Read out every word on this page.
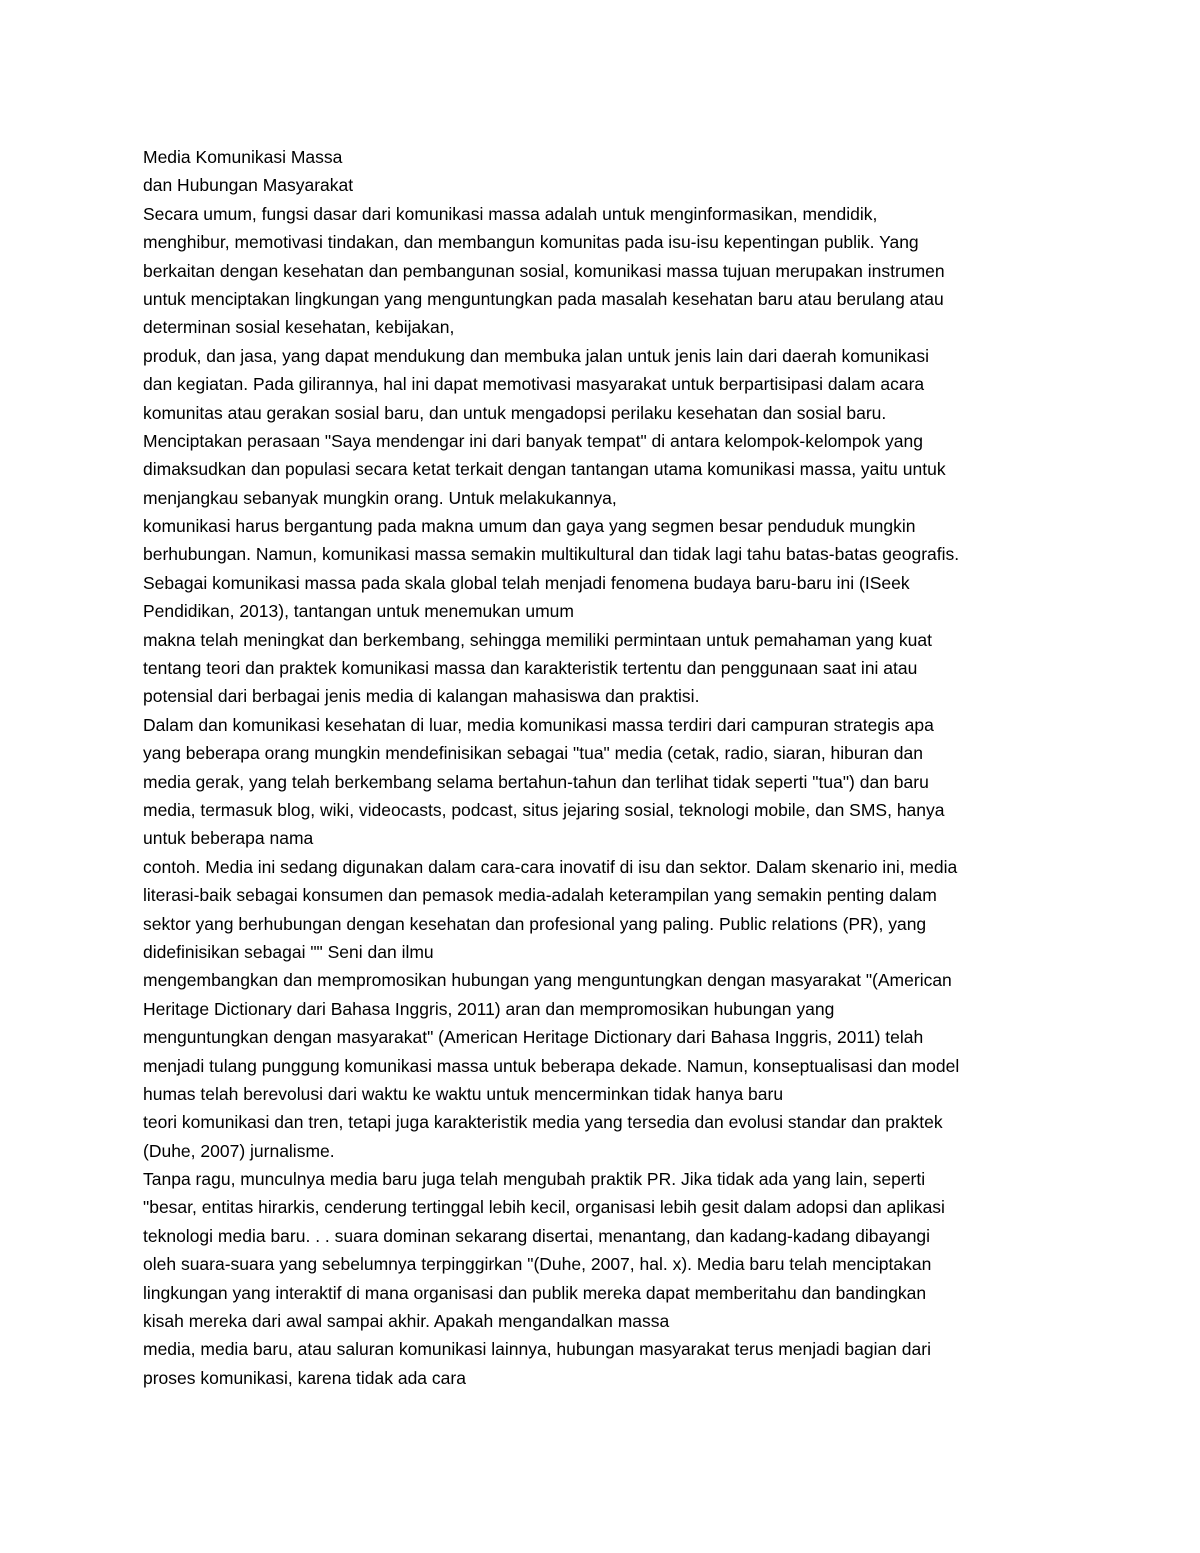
Media Komunikasi Massa
dan Hubungan Masyarakat
Secara umum, fungsi dasar dari komunikasi massa adalah untuk menginformasikan, mendidik,
menghibur, memotivasi tindakan, dan membangun komunitas pada isu-isu kepentingan publik. Yang
berkaitan dengan kesehatan dan pembangunan sosial, komunikasi massa tujuan merupakan instrumen
untuk menciptakan lingkungan yang menguntungkan pada masalah kesehatan baru atau berulang atau
determinan sosial kesehatan, kebijakan,
produk, dan jasa, yang dapat mendukung dan membuka jalan untuk jenis lain dari daerah komunikasi
dan kegiatan. Pada gilirannya, hal ini dapat memotivasi masyarakat untuk berpartisipasi dalam acara
komunitas atau gerakan sosial baru, dan untuk mengadopsi perilaku kesehatan dan sosial baru.
Menciptakan perasaan "Saya mendengar ini dari banyak tempat" di antara kelompok-kelompok yang
dimaksudkan dan populasi secara ketat terkait dengan tantangan utama komunikasi massa, yaitu untuk
menjangkau sebanyak mungkin orang. Untuk melakukannya,
komunikasi harus bergantung pada makna umum dan gaya yang segmen besar penduduk mungkin
berhubungan. Namun, komunikasi massa semakin multikultural dan tidak lagi tahu batas-batas geografis.
Sebagai komunikasi massa pada skala global telah menjadi fenomena budaya baru-baru ini (ISeek
Pendidikan, 2013), tantangan untuk menemukan umum
makna telah meningkat dan berkembang, sehingga memiliki permintaan untuk pemahaman yang kuat
tentang teori dan praktek komunikasi massa dan karakteristik tertentu dan penggunaan saat ini atau
potensial dari berbagai jenis media di kalangan mahasiswa dan praktisi.
Dalam dan komunikasi kesehatan di luar, media komunikasi massa terdiri dari campuran strategis apa
yang beberapa orang mungkin mendefinisikan sebagai "tua" media (cetak, radio, siaran, hiburan dan
media gerak, yang telah berkembang selama bertahun-tahun dan terlihat tidak seperti "tua") dan baru
media, termasuk blog, wiki, videocasts, podcast, situs jejaring sosial, teknologi mobile, dan SMS, hanya
untuk beberapa nama
contoh. Media ini sedang digunakan dalam cara-cara inovatif di isu dan sektor. Dalam skenario ini, media
literasi-baik sebagai konsumen dan pemasok media-adalah keterampilan yang semakin penting dalam
sektor yang berhubungan dengan kesehatan dan profesional yang paling. Public relations (PR), yang
didefinisikan sebagai "" Seni dan ilmu
mengembangkan dan mempromosikan hubungan yang menguntungkan dengan masyarakat "(American
Heritage Dictionary dari Bahasa Inggris, 2011) aran dan mempromosikan hubungan yang
menguntungkan dengan masyarakat" (American Heritage Dictionary dari Bahasa Inggris, 2011) telah
menjadi tulang punggung komunikasi massa untuk beberapa dekade. Namun, konseptualisasi dan model
humas telah berevolusi dari waktu ke waktu untuk mencerminkan tidak hanya baru
teori komunikasi dan tren, tetapi juga karakteristik media yang tersedia dan evolusi standar dan praktek
(Duhe, 2007) jurnalisme.
Tanpa ragu, munculnya media baru juga telah mengubah praktik PR. Jika tidak ada yang lain, seperti
"besar, entitas hirarkis, cenderung tertinggal lebih kecil, organisasi lebih gesit dalam adopsi dan aplikasi
teknologi media baru. . . suara dominan sekarang disertai, menantang, dan kadang-kadang dibayangi
oleh suara-suara yang sebelumnya terpinggirkan "(Duhe, 2007, hal. x). Media baru telah menciptakan
lingkungan yang interaktif di mana organisasi dan publik mereka dapat memberitahu dan bandingkan
kisah mereka dari awal sampai akhir. Apakah mengandalkan massa
media, media baru, atau saluran komunikasi lainnya, hubungan masyarakat terus menjadi bagian dari
proses komunikasi, karena tidak ada cara
